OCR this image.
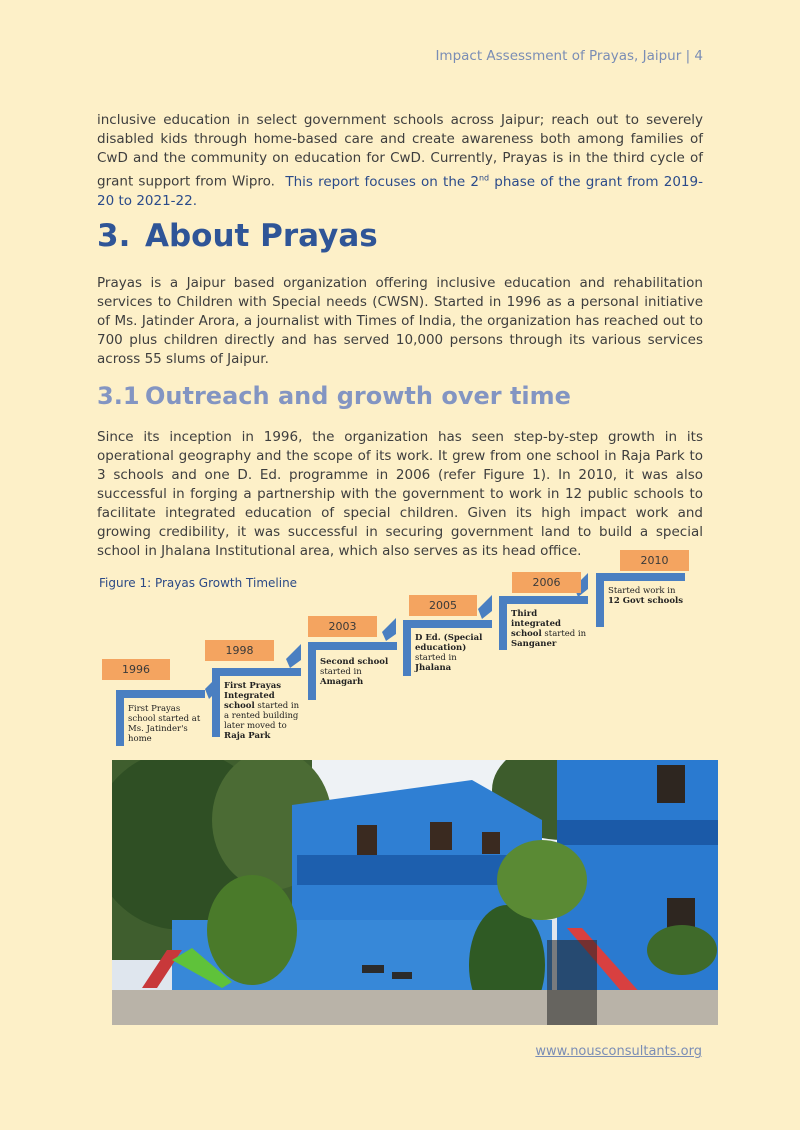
Impact Assessment of Prayas, Jaipur | 4
inclusive education in select government schools across Jaipur; reach out to severely disabled kids through home-based care and create awareness both among families of CwD and the community on education for CwD. Currently, Prayas is in the third cycle of grant support from Wipro. This report focuses on the 2nd phase of the grant from 2019-20 to 2021-22.
3. About Prayas
Prayas is a Jaipur based organization offering inclusive education and rehabilitation services to Children with Special needs (CWSN). Started in 1996 as a personal initiative of Ms. Jatinder Arora, a journalist with Times of India, the organization has reached out to 700 plus children directly and has served 10,000 persons through its various services across 55 slums of Jaipur.
3.1 Outreach and growth over time
Since its inception in 1996, the organization has seen step-by-step growth in its operational geography and the scope of its work. It grew from one school in Raja Park to 3 schools and one D. Ed. programme in 2006 (refer Figure 1). In 2010, it was also successful in forging a partnership with the government to work in 12 public schools to facilitate integrated education of special children. Given its high impact work and growing credibility, it was successful in securing government land to build a special school in Jhalana Institutional area, which also serves as its head office.
Figure 1: Prayas Growth Timeline
1996
1998
2003
2005
2006
2010
First Prayas
school started at
Ms. Jatinder's
home
First Prayas Integrated school started in a rented building later moved to Raja Park
Second school started in Amagarh
D Ed. (Special education) started in Jhalana
Third integrated school started in Sanganer
Started work in 12 Govt schools
www.nousconsultants.org
